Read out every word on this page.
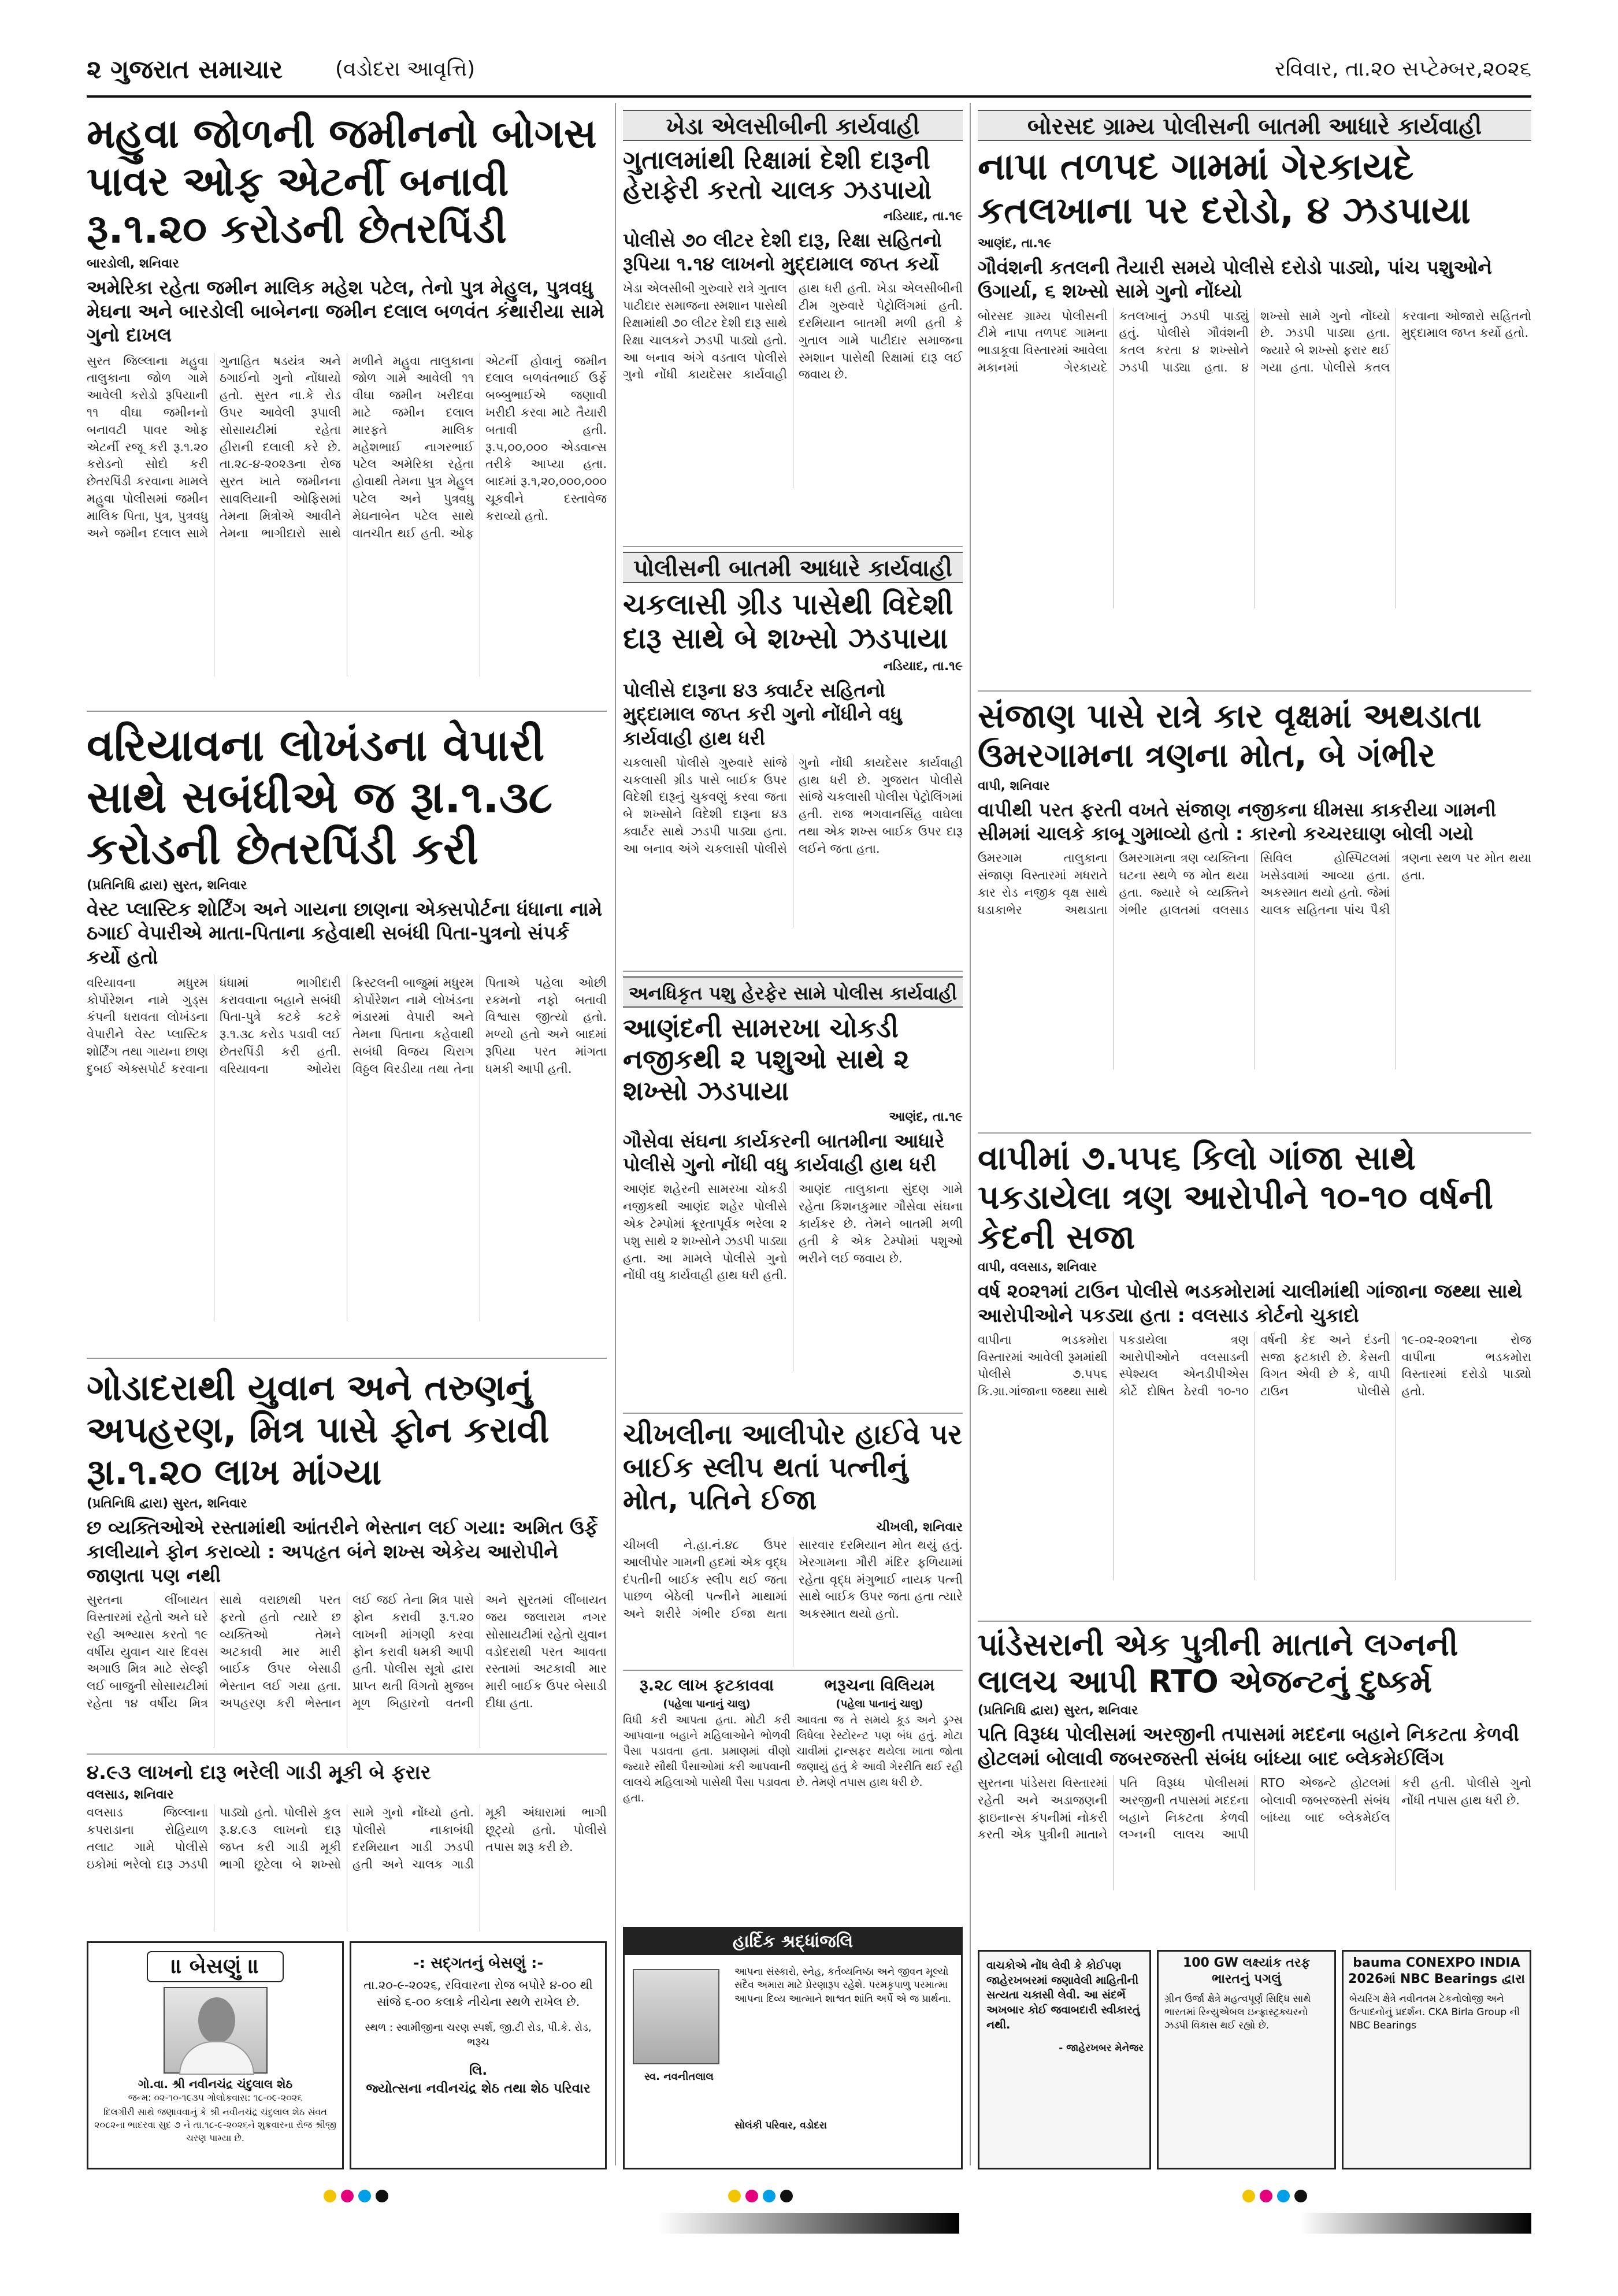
૨ ગુજરાત સમાચાર	(વડોદરા આવૃત્તિ)	રવિવાર, તા.૨૦ સપ્ટેમ્બર,૨૦૨૬
મહુવા જોળની જમીનનો બોગસ પાવર ઓફ એટર્ની બનાવી રૂ.૧.૨૦ કરોડની છેતરપિંડી
બારડોલી, શનિવાર
અમેરિકા રહેતા જમીન માલિક મહેશ પટેલ, તેનો પુત્ર મેહુલ, પુત્રવધુ મેઘના અને બારડોલી બાબેનના જમીન દલાલ બળવંત કંથારીયા સામે ગુનો દાખલ
સુરત જિલ્લાના મહુવા તાલુકાના જોળ ગામે આવેલી કરોડો રૂપિયાની ૧૧ વીઘા જમીનનો બનાવટી પાવર ઓફ એટર્ની રજૂ કરી રૂ.૧.૨૦ કરોડનો સોદો કરી છેતરપિંડી કરવાના મામલે મહુવા પોલીસમાં જમીન માલિક પિતા, પુત્ર, પુત્રવધુ અને જમીન દલાલ સામે ગુનાહિત ષડયંત્ર અને ઠગાઈનો ગુનો નોંધાયો હતો. સુરત ના.કે રોડ ઉપર આવેલી રૂપાલી સોસાયટીમાં રહેતા હીરાની દલાલી કરે છે. તા.૨૮-૪-૨૦૨૩ના રોજ સુરત ખાતે જમીનના સાવલિયાની ઓફિસમાં તેમના મિત્રોએ આવીને તેમના ભાગીદારો સાથે મળીને મહુવા તાલુકાના જોળ ગામે આવેલી ૧૧ વીઘા જમીન ખરીદવા માટે જમીન દલાલ મારફતે માલિક મહેશભાઈ નાગરભાઈ પટેલ અમેરિકા રહેતા હોવાથી તેમના પુત્ર મેહુલ પટેલ અને પુત્રવધુ મેઘનાબેન પટેલ સાથે વાતચીત થઈ હતી. ઓફ એટર્ની હોવાનું જમીન દલાલ બળવંતભાઈ ઉર્ફે બબ્બુભાઈએ જણાવી ખરીદી કરવા માટે તૈયારી બતાવી હતી. રૂ.૫,૦૦,૦૦૦ એડવાન્સ તરીકે આપ્યા હતા. બાદમાં રૂ.૧,૨૦,૦૦૦,૦૦૦ ચૂકવીને દસ્તાવેજ કરાવ્યો હતો.
વરિયાવના લોખંડના વેપારી સાથે સબંધીએ જ રૂા.૧.૩૮ કરોડની છેતરપિંડી કરી
(પ્રતિનિધિ દ્વારા) સુરત, શનિવાર
વેસ્ટ પ્લાસ્ટિક શોર્ટિંગ અને ગાયના છાણના એક્સપોર્ટના ધંધાના નામે ઠગાઈ વેપારીએ માતા-પિતાના કહેવાથી સબંધી પિતા-પુત્રનો સંપર્ક કર્યો હતો
વરિયાવના મધુરમ કોર્પોરેશન નામે ગુડ્સ કંપની ધરાવતા લોખંડના વેપારીને વેસ્ટ પ્લાસ્ટિક શોર્ટિંગ તથા ગાયના છાણ દુબઈ એક્સપોર્ટ કરવાના ધંધામાં ભાગીદારી કરાવવાના બહાને સબંધી પિતા-પુત્રે કટકે કટકે રૂ.૧.૩૮ કરોડ પડાવી લઈ છેતરપિંડી કરી હતી. વરિયાવના ઓયેરા ક્રિસ્ટલની બાજુમાં મધુરમ કોર્પોરેશન નામે લોખંડના ભંડારમાં વેપારી અને તેમના પિતાના કહેવાથી સબંધી વિજય ચિરાગ વિઠ્ઠલ વિરડીયા તથા તેના પિતાએ પહેલા ઓછી રકમનો નફો બતાવી વિશ્વાસ જીત્યો હતો. મળ્યો હતો અને બાદમાં રૂપિયા પરત માંગતા ધમકી આપી હતી.
ગોડાદરાથી યુવાન અને તરુણનું અપહરણ, મિત્ર પાસે ફોન કરાવી રૂા.૧.૨૦ લાખ માંગ્યા
(પ્રતિનિધિ દ્વારા) સુરત, શનિવાર
છ વ્યક્તિઓએ રસ્તામાંથી આંતરીને ભેસ્તાન લઈ ગયા: અમિત ઉર્ફે કાલીયાને ફોન કરાવ્યો : અપહૃત બંને શખ્સ એકેય આરોપીને જાણતા પણ નથી
સુરતના લીંબાયત વિસ્તારમાં રહેતો અને ઘરે રહી અભ્યાસ કરતો ૧૯ વર્ષીય યુવાન ચાર દિવસ અગાઉ મિત્ર માટે સેલ્ફી લઈ બાજુની સોસાયટીમાં રહેતા ૧૪ વર્ષીય મિત્ર સાથે વરાછાથી પરત ફરતો હતો ત્યારે છ વ્યક્તિઓ તેમને અટકાવી માર મારી બાઈક ઉપર બેસાડી ભેસ્તાન લઈ ગયા હતા. અપહરણ કરી ભેસ્તાન લઈ જઈ તેના મિત્ર પાસે ફોન કરાવી રૂ.૧.૨૦ લાખની માંગણી કરવા ફોન કરાવી ધમકી આપી હતી. પોલીસ સૂત્રો દ્વારા પ્રાપ્ત થતી વિગતો મુજબ મૂળ બિહારનો વતની અને સુરતમાં લીંબાયત જય જલારામ નગર સોસાયટીમાં રહેતો યુવાન વડોદરાથી પરત આવતા રસ્તામાં અટકાવી માર મારી બાઈક ઉપર બેસાડી દીધા હતા.
૪.૯૩ લાખનો દારૂ ભરેલી ગાડી મૂકી બે ફરાર
વલસાડ, શનિવાર
વલસાડ જિલ્લાના કપરાડાના રોહિયાળ તલાટ ગામે પોલીસે ઇકોમાં ભરેલો દારૂ ઝડપી પાડ્યો હતો. પોલીસે કુલ રૂ.૪.૯૩ લાખનો દારૂ જપ્ત કરી ગાડી મૂકી ભાગી છૂટેલા બે શખ્સો સામે ગુનો નોંધ્યો હતો. પોલીસે નાકાબંધી દરમિયાન ગાડી ઝડપી હતી અને ચાલક ગાડી મૂકી અંધારામાં ભાગી છૂટ્યો હતો. પોલીસે તપાસ શરૂ કરી છે.
॥ બેસણું ॥
ગો.વા. શ્રી નવીનચંદ્ર ચંદુલાલ શેઠ
જન્મ: ૦૨-૧૦-૧૯૩૫ ગોલોકવાસ: ૧૮-૦૯-૨૦૨૬
દિલગીરી સાથે જણાવવાનું કે શ્રી નવીનચંદ્ર ચંદુલાલ શેઠ સંવત ૨૦૮૨ના ભાદરવા સુદ ૭ ને તા.૧૮-૯-૨૦૨૬ને શુક્રવારના રોજ શ્રીજી ચરણ પામ્યા છે.
-: સદ્ગતનું બેસણું :-
તા.૨૦-૯-૨૦૨૬, રવિવારના રોજ બપોરે ૪-૦૦ થી સાંજે ૬-૦૦ કલાકે નીચેના સ્થળે રાખેલ છે.
સ્થળ : સ્વામીજીના ચરણ સ્પર્શ, જી.ટી રોડ, પી.કે. રોડ, ભરૂચ
લિ.
જ્યોત્સના નવીનચંદ્ર શેઠ તથા શેઠ પરિવાર
ખેડા એલસીબીની કાર્યવાહી
ગુતાલમાંથી રિક્ષામાં દેશી દારૂની હેરાફેરી કરતો ચાલક ઝડપાયો
નડિયાદ, તા.૧૯
પોલીસે ૭૦ લીટર દેશી દારૂ, રિક્ષા સહિતનો રૂપિયા ૧.૧૪ લાખનો મુદ્દામાલ જપ્ત કર્યો
ખેડા એલસીબી ગુરુવારે રાત્રે ગુતાલ પાટીદાર સમાજના સ્મશાન પાસેથી રિક્ષામાંથી ૭૦ લીટર દેશી દારૂ સાથે રિક્ષા ચાલકને ઝડપી પાડ્યો હતો. આ બનાવ અંગે વડતાલ પોલીસે ગુનો નોંધી કાયદેસર કાર્યવાહી હાથ ધરી હતી. ખેડા એલસીબીની ટીમ ગુરુવારે પેટ્રોલિંગમાં હતી. દરમિયાન બાતમી મળી હતી કે ગુતાલ ગામે પાટીદાર સમાજના સ્મશાન પાસેથી રિક્ષામાં દારૂ લઈ જવાય છે.
પોલીસની બાતમી આધારે કાર્યવાહી
ચકલાસી ગ્રીડ પાસેથી વિદેશી દારૂ સાથે બે શખ્સો ઝડપાયા
નડિયાદ, તા.૧૯
પોલીસે દારૂના ૪૩ ક્વાર્ટર સહિતનો મુદ્દામાલ જપ્ત કરી ગુનો નોંધીને વધુ કાર્યવાહી હાથ ધરી
ચકલાસી પોલીસે ગુરુવારે સાંજે ચકલાસી ગ્રીડ પાસે બાઈક ઉપર વિદેશી દારૂનું ચુકવણું કરવા જતા બે શખ્સોને વિદેશી દારૂના ૪૩ ક્વાર્ટર સાથે ઝડપી પાડ્યા હતા. આ બનાવ અંગે ચકલાસી પોલીસે ગુનો નોંધી કાયદેસર કાર્યવાહી હાથ ધરી છે. ગુજરાત પોલીસે સાંજે ચકલાસી પોલીસ પેટ્રોલિંગમાં હતી. રાજ ભગવાનસિંહ વાઘેલા તથા એક શખ્સ બાઈક ઉપર દારૂ લઈને જતા હતા.
અનધિકૃત પશુ હેરફેર સામે પોલીસ કાર્યવાહી
આણંદની સામરખા ચોકડી નજીકથી ૨ પશુઓ સાથે ૨ શખ્સો ઝડપાયા
આણંદ, તા.૧૯
ગૌસેવા સંઘના કાર્યકરની બાતમીના આધારે પોલીસે ગુનો નોંધી વધુ કાર્યવાહી હાથ ધરી
આણંદ શહેરની સામરખા ચોકડી નજીકથી આણંદ શહેર પોલીસે એક ટેમ્પોમાં ક્રૂરતાપૂર્વક ભરેલા ૨ પશુ સાથે ૨ શખ્સોને ઝડપી પાડ્યા હતા. આ મામલે પોલીસે ગુનો નોંધી વધુ કાર્યવાહી હાથ ધરી હતી. આણંદ તાલુકાના સુંદણ ગામે રહેતા કિશનકુમાર ગૌસેવા સંઘના કાર્યકર છે. તેમને બાતમી મળી હતી કે એક ટેમ્પોમાં પશુઓ ભરીને લઈ જવાય છે.
ચીખલીના આલીપોર હાઈવે પર બાઈક સ્લીપ થતાં પત્નીનું મોત, પતિને ઈજા
ચીખલી, શનિવાર
ચીખલી ને.હા.નં.૪૮ ઉપર આલીપોર ગામની હદમાં એક વૃદ્ધ દંપતીની બાઈક સ્લીપ થઈ જતા પાછળ બેઠેલી પત્નીને માથામાં અને શરીરે ગંભીર ઈજા થતા સારવાર દરમિયાન મોત થયું હતું. ખેરગામના ગૌરી મંદિર ફળિયામાં રહેતા વૃદ્ધ મંગુભાઈ નાયક પત્ની સાથે બાઈક ઉપર જતા હતા ત્યારે અકસ્માત થયો હતો.
રૂ.૨૮ લાખ ફટકાવવા
(પહેલા પાનાનું ચાલુ)
વિધી કરી આપતા હતા. મોટી કરી આપવાના બહાને મહિલાઓને ભોળવી પૈસા પડાવતા હતા. પ્રમાણમાં વીણો જ્યારે સૌથી પૈસાઓમાં કરી આપવાની લાલચે મહિલાઓ પાસેથી પૈસા પડાવતા હતા.
ભરૂચના વિલિયમ
(પહેલા પાનાનું ચાલુ)
આવતા જ તે સમયે કૂડ અને ડ્રગ્સ લિધેલા રેસ્ટોરન્ટ પણ બંધ હતું. મોટા ચાવીમાં ટ્રાન્સફર થયેલા ખાતા જોતા જણાયું હતું કે આવી ગેરરીતિ થઈ રહી છે. તેમણે તપાસ હાથ ધરી છે.
હાર્દિક શ્રદ્ધાંજલિ
સ્વ. નવનીતલાલ
આપના સંસ્કારો, સ્નેહ, કર્તવ્યનિષ્ઠા અને જીવન મૂલ્યો સદૈવ અમારા માટે પ્રેરણારૂપ રહેશે. પરમકૃપાળુ પરમાત્મા આપના દિવ્ય આત્માને શાશ્વત શાંતિ અર્પે એ જ પ્રાર્થના.
સોલંકી પરિવાર, વડોદરા
બોરસદ ગ્રામ્ય પોલીસની બાતમી આધારે કાર્યવાહી
નાપા તળપદ ગામમાં ગેરકાયદે કતલખાના પર દરોડો, ૪ ઝડપાયા
આણંદ, તા.૧૯
ગૌવંશની કતલની તૈયારી સમયે પોલીસે દરોડો પાડ્યો, પાંચ પશુઓને ઉગાર્યા, ૬ શખ્સો સામે ગુનો નોંધ્યો
બોરસદ ગ્રામ્ય પોલીસની ટીમે નાપા તળપદ ગામના ભાડાકૂવા વિસ્તારમાં આવેલા મકાનમાં ગેરકાયદે કતલખાનું ઝડપી પાડ્યું હતું. પોલીસે ગૌવંશની કતલ કરતા ૪ શખ્સોને ઝડપી પાડ્યા હતા. ૪ શખ્સો સામે ગુનો નોંધ્યો છે. ઝડપી પાડ્યા હતા. જ્યારે બે શખ્સો ફરાર થઈ ગયા હતા. પોલીસે કતલ કરવાના ઓજારો સહિતનો મુદ્દામાલ જપ્ત કર્યો હતો.
સંજાણ પાસે રાત્રે કાર વૃક્ષમાં અથડાતા ઉમરગામના ત્રણના મોત, બે ગંભીર
વાપી, શનિવાર
વાપીથી પરત ફરતી વખતે સંજાણ નજીકના ધીમસા કાકરીયા ગામની સીમમાં ચાલકે કાબૂ ગુમાવ્યો હતો : કારનો કચ્ચરઘાણ બોલી ગયો
ઉમરગામ તાલુકાના સંજાણ વિસ્તારમાં મધરાતે કાર રોડ નજીક વૃક્ષ સાથે ધડાકાભેર અથડાતા ઉમરગામના ત્રણ વ્યક્તિના ઘટના સ્થળે જ મોત થયા હતા. જ્યારે બે વ્યક્તિને ગંભીર હાલતમાં વલસાડ સિવિલ હોસ્પિટલમાં ખસેડવામાં આવ્યા હતા. અકસ્માત થયો હતો. જેમાં ચાલક સહિતના પાંચ પૈકી ત્રણના સ્થળ પર મોત થયા હતા.
વાપીમાં ૭.૫૫૬ કિલો ગાંજા સાથે પકડાયેલા ત્રણ આરોપીને ૧૦-૧૦ વર્ષની કેદની સજા
વાપી, વલસાડ, શનિવાર
વર્ષ ૨૦૨૧માં ટાઉન પોલીસે ભડકમોરામાં ચાલીમાંથી ગાંજાના જથ્થા સાથે આરોપીઓને પકડ્યા હતા : વલસાડ કોર્ટનો ચુકાદો
વાપીના ભડકમોરા વિસ્તારમાં આવેલી રૂમમાંથી પોલીસે ૭.૫૫૬ કિ.ગ્રા.ગાંજાના જથ્થા સાથે પકડાયેલા ત્રણ આરોપીઓને વલસાડની સ્પેશ્યલ એનડીપીએસ કોર્ટે દોષિત ઠેરવી ૧૦-૧૦ વર્ષની કેદ અને દંડની સજા ફટકારી છે. કેસની વિગત એવી છે કે, વાપી ટાઉન પોલીસે ૧૯-૦૨-૨૦૨૧ના રોજ વાપીના ભડકમોરા વિસ્તારમાં દરોડો પાડ્યો હતો.
પાંડેસરાની એક પુત્રીની માતાને લગ્નની લાલચ આપી RTO એજન્ટનું દુષ્કર્મ
(પ્રતિનિધિ દ્વારા) સુરત, શનિવાર
પતિ વિરૂધ્ધ પોલીસમાં અરજીની તપાસમાં મદદના બહાને નિકટતા કેળવી હોટલમાં બોલાવી જબરજસ્તી સંબંધ બાંધ્યા બાદ બ્લેકમેઈલિંગ
સુરતના પાંડેસરા વિસ્તારમાં રહેતી અને અડાજણની ફાઇનાન્સ કંપનીમાં નોકરી કરતી એક પુત્રીની માતાને પતિ વિરૂધ્ધ પોલીસમાં અરજીની તપાસમાં મદદના બહાને નિકટતા કેળવી લગ્નની લાલચ આપી RTO એજન્ટે હોટલમાં બોલાવી જબરજસ્તી સંબંધ બાંધ્યા બાદ બ્લેકમેઈલ કરી હતી. પોલીસે ગુનો નોંધી તપાસ હાથ ધરી છે.
વાચકોએ નોંધ લેવી કે કોઈપણ જાહેરખબરમાં જણાવેલી માહિતીની સત્યતા ચકાસી લેવી. આ સંદર્ભે અખબાર કોઈ જવાબદારી સ્વીકારતું નથી.
- જાહેરખબર મેનેજર
100 GW લક્ષ્યાંક તરફ ભારતનું પગલું
ગ્રીન ઉર્જા ક્ષેત્રે મહત્વપૂર્ણ સિદ્ધિ સાથે ભારતમાં રિન્યુએબલ ઇન્ફ્રાસ્ટ્રક્ચરનો ઝડપી વિકાસ થઈ રહ્યો છે.
bauma CONEXPO INDIA 2026માં NBC Bearings દ્વારા
બેયરિંગ ક્ષેત્રે નવીનતમ ટેકનોલોજી અને ઉત્પાદનોનું પ્રદર્શન. CKA Birla Group ની NBC Bearings
